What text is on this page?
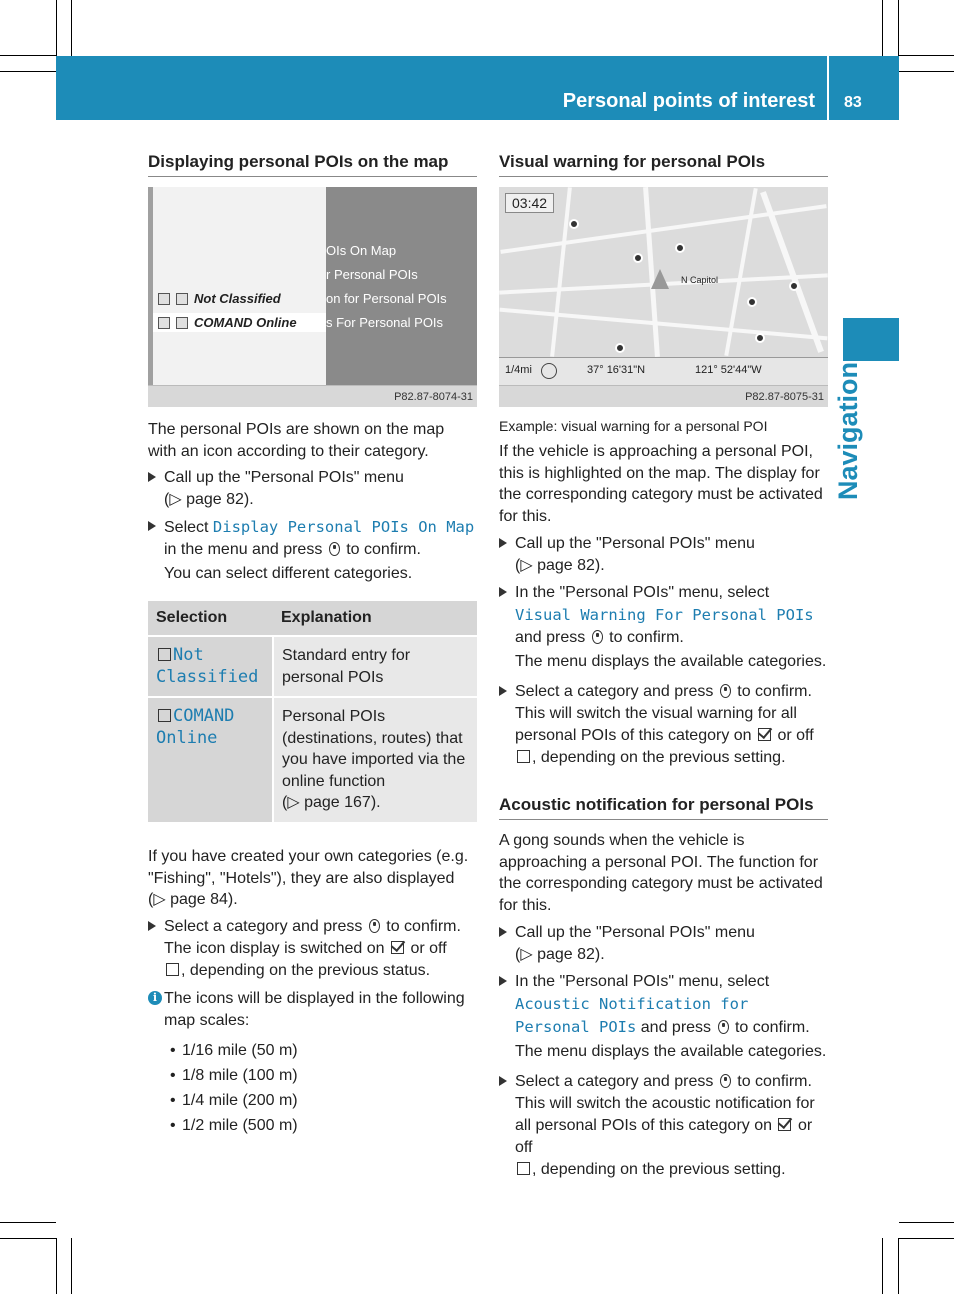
Personal points of interest 83
Navigation
Displaying personal POIs on the map
Not Classified
COMAND Online
OIs On Map
r Personal POIs
on for Personal POIs
s For Personal POIs
P82.87-8074-31

The personal POIs are shown on the map with an icon according to their category.

Call up the "Personal POIs" menu
(▷ page 82).
Select Display Personal POIs On Map
in the menu and press to confirm.
You can select different categories.
Selection	Explanation
Not Classified	Standard entry for personal POIs
COMAND Online	Personal POIs (destinations, routes) that you have imported via the online function
(▷ page 167).

If you have created your own categories (e.g. "Fishing", "Hotels"), they are also displayed
(▷ page 84).

Select a category and press to confirm.
The icon display is switched on or off
, depending on the previous status.
i The icons will be displayed in the following map scales:
• 1/16 mile (50 m)
• 1/8 mile (100 m)
• 1/4 mile (200 m)
• 1/2 mile (500 m)
Visual warning for personal POIs
03:42
N Capitol
1/4mi	37° 16'31"N	121° 52'44"W
P82.87-8075-31

Example: visual warning for a personal POI

If the vehicle is approaching a personal POI, this is highlighted on the map. The display for the corresponding category must be activated for this.

Call up the "Personal POIs" menu
(▷ page 82).
In the "Personal POIs" menu, select
Visual Warning For Personal POIs
and press to confirm.
The menu displays the available categories.
Select a category and press to confirm.
This will switch the visual warning for all personal POIs of this category on or off
, depending on the previous setting.
Acoustic notification for personal POIs

A gong sounds when the vehicle is approaching a personal POI. The function for the corresponding category must be activated for this.

Call up the "Personal POIs" menu
(▷ page 82).
In the "Personal POIs" menu, select
Acoustic Notification for Personal POIs and press to confirm.
The menu displays the available categories.
Select a category and press to confirm.
This will switch the acoustic notification for all personal POIs of this category on or off
, depending on the previous setting.
